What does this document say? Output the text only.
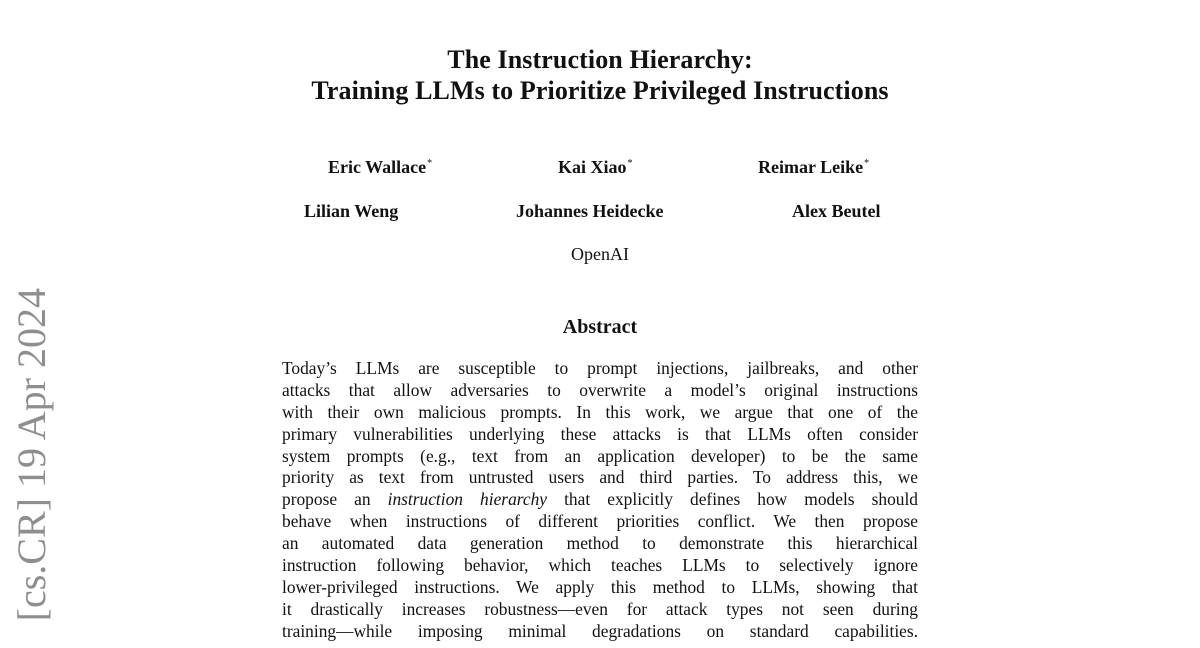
[cs.CR] 19 Apr 2024
The Instruction Hierarchy:
Training LLMs to Prioritize Privileged Instructions
Eric Wallace*	Kai Xiao*	Reimar Leike*
Lilian Weng	Johannes Heidecke	Alex Beutel
OpenAI
Abstract
Today’s LLMs are susceptible to prompt injections, jailbreaks, and other
attacks that allow adversaries to overwrite a model’s original instructions
with their own malicious prompts. In this work, we argue that one of the
primary vulnerabilities underlying these attacks is that LLMs often consider
system prompts (e.g., text from an application developer) to be the same
priority as text from untrusted users and third parties. To address this, we
propose an instruction hierarchy that explicitly defines how models should
behave when instructions of different priorities conflict. We then propose
an automated data generation method to demonstrate this hierarchical
instruction following behavior, which teaches LLMs to selectively ignore
lower-privileged instructions. We apply this method to LLMs, showing that
it drastically increases robustness—even for attack types not seen during
training—while imposing minimal degradations on standard capabilities.
